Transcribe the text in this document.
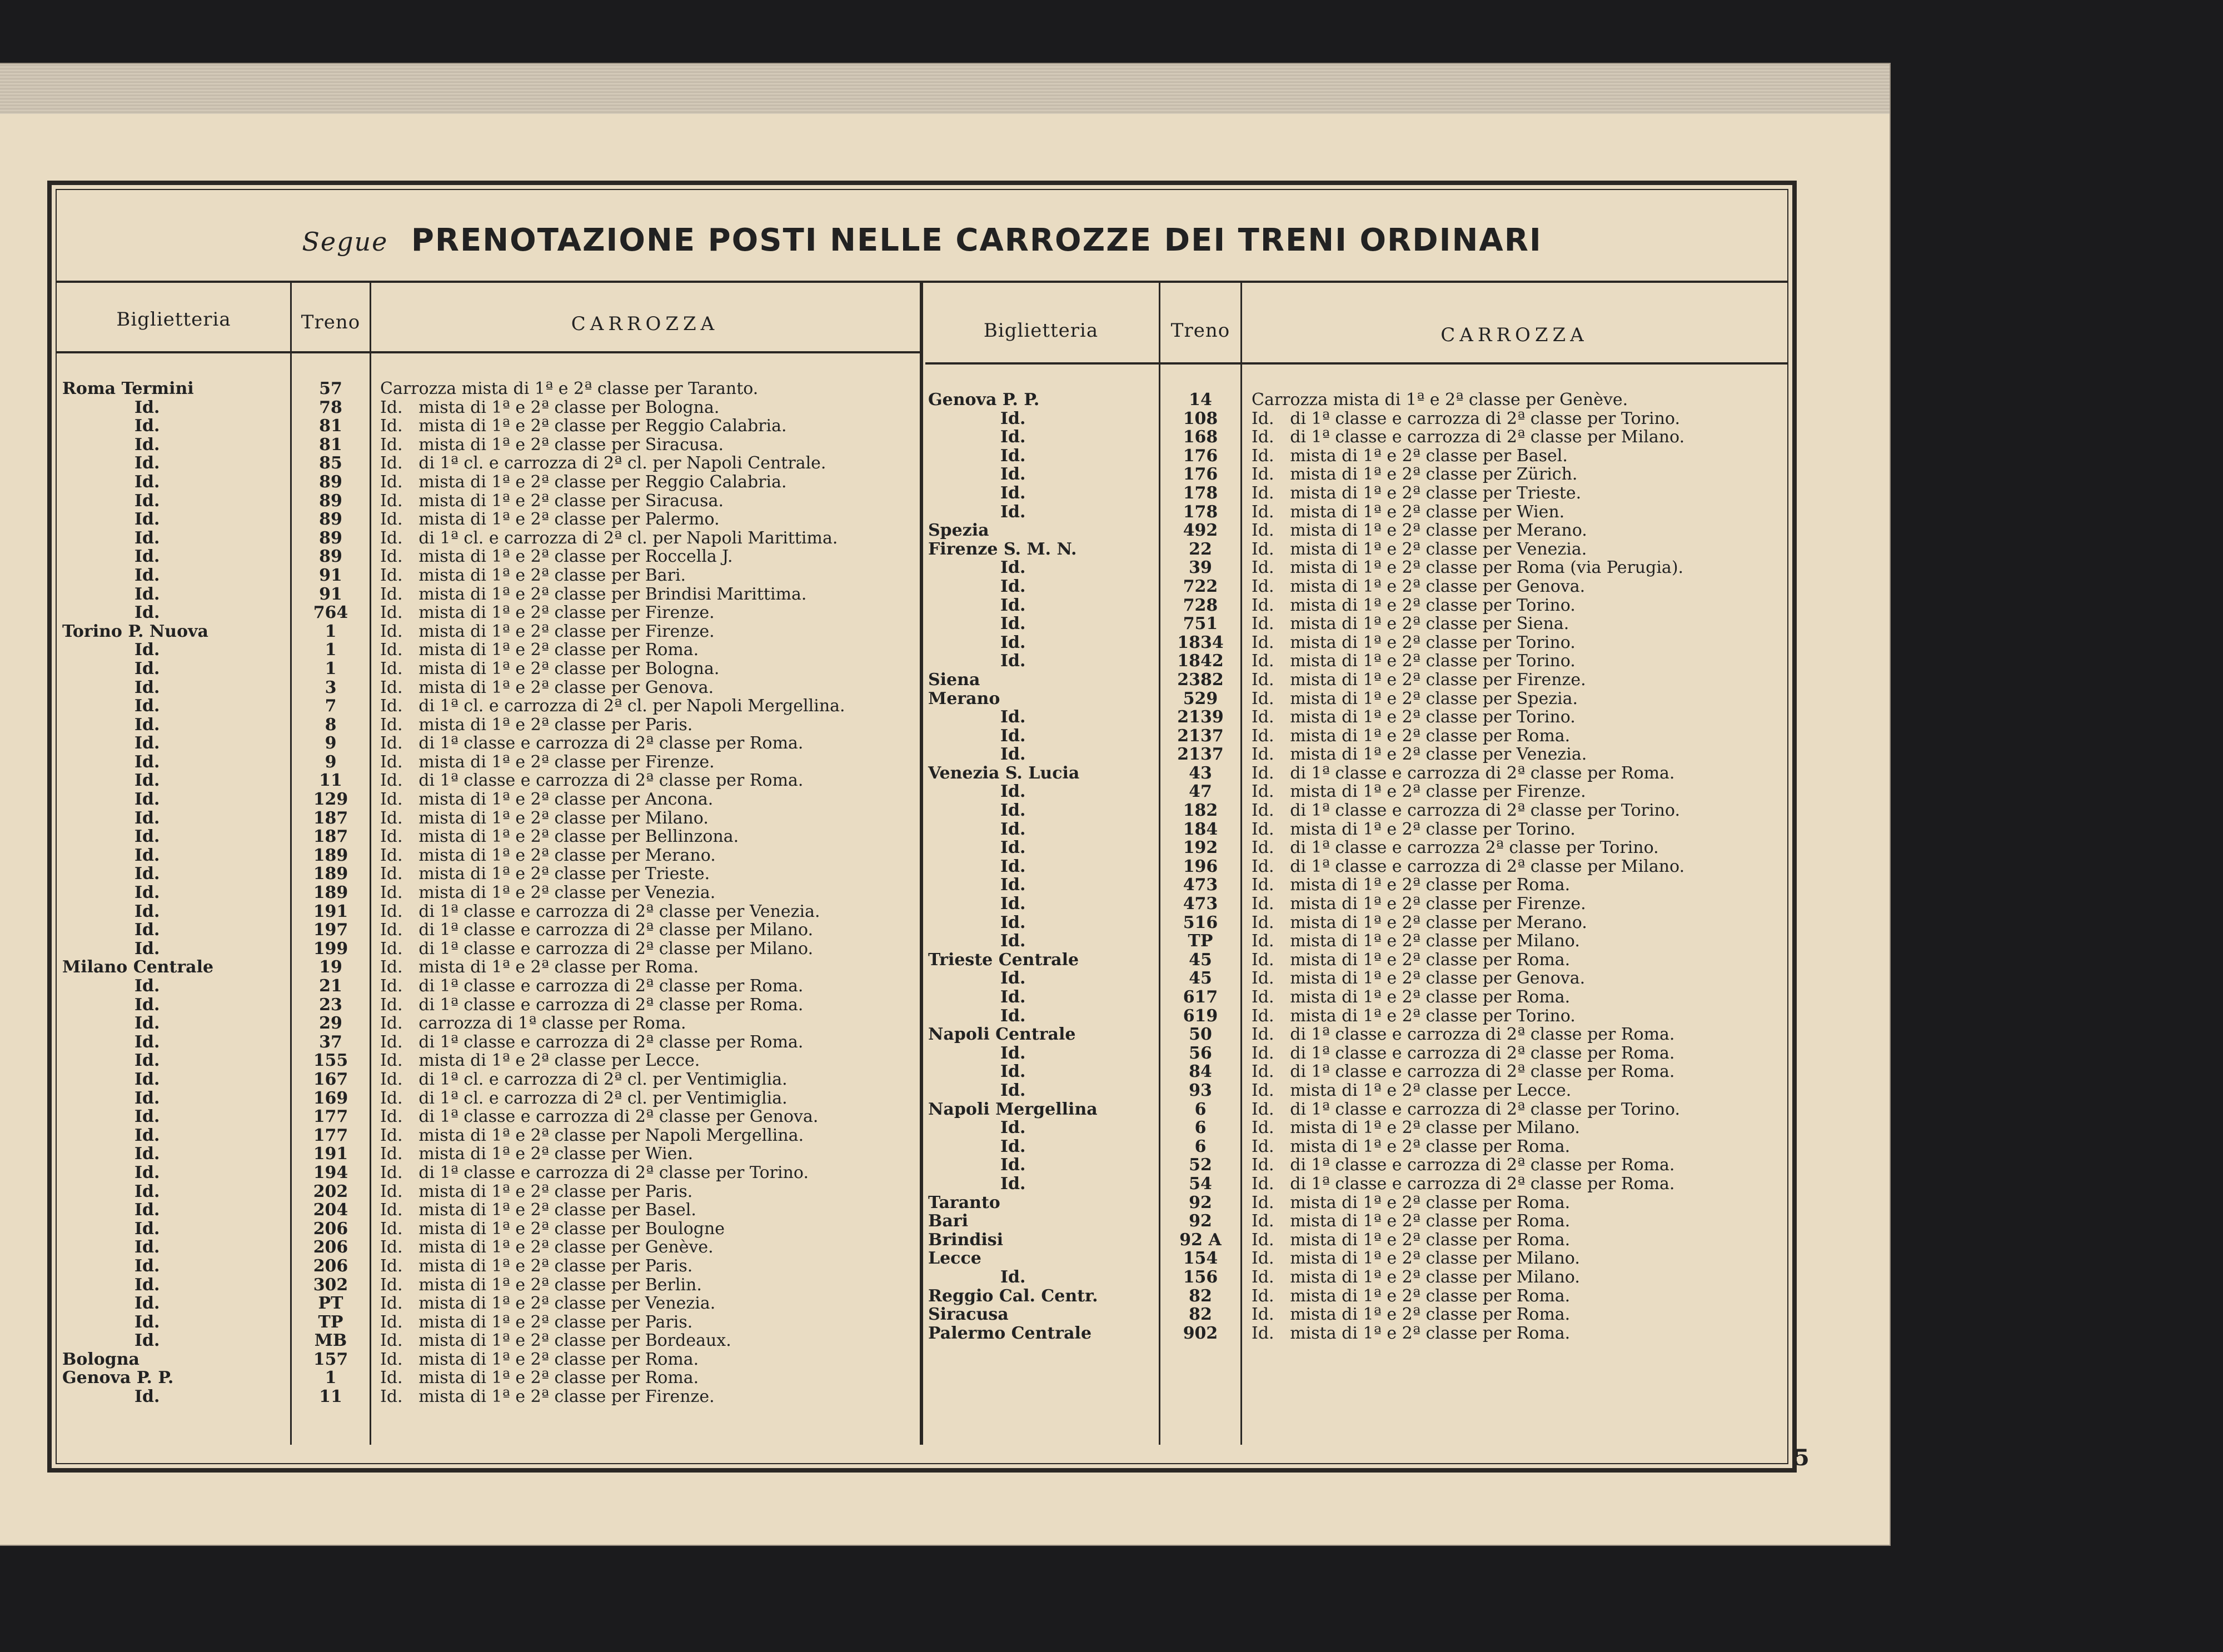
Segue PRENOTAZIONE POSTI NELLE CARROZZE DEI TRENI ORDINARI
Biglietteria	Treno	CARROZZA	Biglietteria	Treno	CARROZZA
Roma Termini	57	Carrozza mista di 1ª e 2ª classe per Taranto.
Id.	78	Id.   mista di 1ª e 2ª classe per Bologna.
Id.	81	Id.   mista di 1ª e 2ª classe per Reggio Calabria.
Id.	81	Id.   mista di 1ª e 2ª classe per Siracusa.
Id.	85	Id.   di 1ª cl. e carrozza di 2ª cl. per Napoli Centrale.
Id.	89	Id.   mista di 1ª e 2ª classe per Reggio Calabria.
Id.	89	Id.   mista di 1ª e 2ª classe per Siracusa.
Id.	89	Id.   mista di 1ª e 2ª classe per Palermo.
Id.	89	Id.   di 1ª cl. e carrozza di 2ª cl. per Napoli Marittima.
Id.	89	Id.   mista di 1ª e 2ª classe per Roccella J.
Id.	91	Id.   mista di 1ª e 2ª classe per Bari.
Id.	91	Id.   mista di 1ª e 2ª classe per Brindisi Marittima.
Id.	764	Id.   mista di 1ª e 2ª classe per Firenze.
Torino P. Nuova	1	Id.   mista di 1ª e 2ª classe per Firenze.
Id.	1	Id.   mista di 1ª e 2ª classe per Roma.
Id.	1	Id.   mista di 1ª e 2ª classe per Bologna.
Id.	3	Id.   mista di 1ª e 2ª classe per Genova.
Id.	7	Id.   di 1ª cl. e carrozza di 2ª cl. per Napoli Mergellina.
Id.	8	Id.   mista di 1ª e 2ª classe per Paris.
Id.	9	Id.   di 1ª classe e carrozza di 2ª classe per Roma.
Id.	9	Id.   mista di 1ª e 2ª classe per Firenze.
Id.	11	Id.   di 1ª classe e carrozza di 2ª classe per Roma.
Id.	129	Id.   mista di 1ª e 2ª classe per Ancona.
Id.	187	Id.   mista di 1ª e 2ª classe per Milano.
Id.	187	Id.   mista di 1ª e 2ª classe per Bellinzona.
Id.	189	Id.   mista di 1ª e 2ª classe per Merano.
Id.	189	Id.   mista di 1ª e 2ª classe per Trieste.
Id.	189	Id.   mista di 1ª e 2ª classe per Venezia.
Id.	191	Id.   di 1ª classe e carrozza di 2ª classe per Venezia.
Id.	197	Id.   di 1ª classe e carrozza di 2ª classe per Milano.
Id.	199	Id.   di 1ª classe e carrozza di 2ª classe per Milano.
Milano Centrale	19	Id.   mista di 1ª e 2ª classe per Roma.
Id.	21	Id.   di 1ª classe e carrozza di 2ª classe per Roma.
Id.	23	Id.   di 1ª classe e carrozza di 2ª classe per Roma.
Id.	29	Id.   carrozza di 1ª classe per Roma.
Id.	37	Id.   di 1ª classe e carrozza di 2ª classe per Roma.
Id.	155	Id.   mista di 1ª e 2ª classe per Lecce.
Id.	167	Id.   di 1ª cl. e carrozza di 2ª cl. per Ventimiglia.
Id.	169	Id.   di 1ª cl. e carrozza di 2ª cl. per Ventimiglia.
Id.	177	Id.   di 1ª classe e carrozza di 2ª classe per Genova.
Id.	177	Id.   mista di 1ª e 2ª classe per Napoli Mergellina.
Id.	191	Id.   mista di 1ª e 2ª classe per Wien.
Id.	194	Id.   di 1ª classe e carrozza di 2ª classe per Torino.
Id.	202	Id.   mista di 1ª e 2ª classe per Paris.
Id.	204	Id.   mista di 1ª e 2ª classe per Basel.
Id.	206	Id.   mista di 1ª e 2ª classe per Boulogne
Id.	206	Id.   mista di 1ª e 2ª classe per Genève.
Id.	206	Id.   mista di 1ª e 2ª classe per Paris.
Id.	302	Id.   mista di 1ª e 2ª classe per Berlin.
Id.	PT	Id.   mista di 1ª e 2ª classe per Venezia.
Id.	TP	Id.   mista di 1ª e 2ª classe per Paris.
Id.	MB	Id.   mista di 1ª e 2ª classe per Bordeaux.
Bologna	157	Id.   mista di 1ª e 2ª classe per Roma.
Genova P. P.	1	Id.   mista di 1ª e 2ª classe per Roma.
Id.	11	Id.   mista di 1ª e 2ª classe per Firenze.
Genova P. P.	14	Carrozza mista di 1ª e 2ª classe per Genève.
Id.	108	Id.   di 1ª classe e carrozza di 2ª classe per Torino.
Id.	168	Id.   di 1ª classe e carrozza di 2ª classe per Milano.
Id.	176	Id.   mista di 1ª e 2ª classe per Basel.
Id.	176	Id.   mista di 1ª e 2ª classe per Zürich.
Id.	178	Id.   mista di 1ª e 2ª classe per Trieste.
Id.	178	Id.   mista di 1ª e 2ª classe per Wien.
Spezia	492	Id.   mista di 1ª e 2ª classe per Merano.
Firenze S. M. N.	22	Id.   mista di 1ª e 2ª classe per Venezia.
Id.	39	Id.   mista di 1ª e 2ª classe per Roma (via Perugia).
Id.	722	Id.   mista di 1ª e 2ª classe per Genova.
Id.	728	Id.   mista di 1ª e 2ª classe per Torino.
Id.	751	Id.   mista di 1ª e 2ª classe per Siena.
Id.	1834	Id.   mista di 1ª e 2ª classe per Torino.
Id.	1842	Id.   mista di 1ª e 2ª classe per Torino.
Siena	2382	Id.   mista di 1ª e 2ª classe per Firenze.
Merano	529	Id.   mista di 1ª e 2ª classe per Spezia.
Id.	2139	Id.   mista di 1ª e 2ª classe per Torino.
Id.	2137	Id.   mista di 1ª e 2ª classe per Roma.
Id.	2137	Id.   mista di 1ª e 2ª classe per Venezia.
Venezia S. Lucia	43	Id.   di 1ª classe e carrozza di 2ª classe per Roma.
Id.	47	Id.   mista di 1ª e 2ª classe per Firenze.
Id.	182	Id.   di 1ª classe e carrozza di 2ª classe per Torino.
Id.	184	Id.   mista di 1ª e 2ª classe per Torino.
Id.	192	Id.   di 1ª classe e carrozza 2ª classe per Torino.
Id.	196	Id.   di 1ª classe e carrozza di 2ª classe per Milano.
Id.	473	Id.   mista di 1ª e 2ª classe per Roma.
Id.	473	Id.   mista di 1ª e 2ª classe per Firenze.
Id.	516	Id.   mista di 1ª e 2ª classe per Merano.
Id.	TP	Id.   mista di 1ª e 2ª classe per Milano.
Trieste Centrale	45	Id.   mista di 1ª e 2ª classe per Roma.
Id.	45	Id.   mista di 1ª e 2ª classe per Genova.
Id.	617	Id.   mista di 1ª e 2ª classe per Roma.
Id.	619	Id.   mista di 1ª e 2ª classe per Torino.
Napoli Centrale	50	Id.   di 1ª classe e carrozza di 2ª classe per Roma.
Id.	56	Id.   di 1ª classe e carrozza di 2ª classe per Roma.
Id.	84	Id.   di 1ª classe e carrozza di 2ª classe per Roma.
Id.	93	Id.   mista di 1ª e 2ª classe per Lecce.
Napoli Mergellina	6	Id.   di 1ª classe e carrozza di 2ª classe per Torino.
Id.	6	Id.   mista di 1ª e 2ª classe per Milano.
Id.	6	Id.   mista di 1ª e 2ª classe per Roma.
Id.	52	Id.   di 1ª classe e carrozza di 2ª classe per Roma.
Id.	54	Id.   di 1ª classe e carrozza di 2ª classe per Roma.
Taranto	92	Id.   mista di 1ª e 2ª classe per Roma.
Bari	92	Id.   mista di 1ª e 2ª classe per Roma.
Brindisi	92 A	Id.   mista di 1ª e 2ª classe per Roma.
Lecce	154	Id.   mista di 1ª e 2ª classe per Milano.
Id.	156	Id.   mista di 1ª e 2ª classe per Milano.
Reggio Cal. Centr.	82	Id.   mista di 1ª e 2ª classe per Roma.
Siracusa	82	Id.   mista di 1ª e 2ª classe per Roma.
Palermo Centrale	902	Id.   mista di 1ª e 2ª classe per Roma.
5
